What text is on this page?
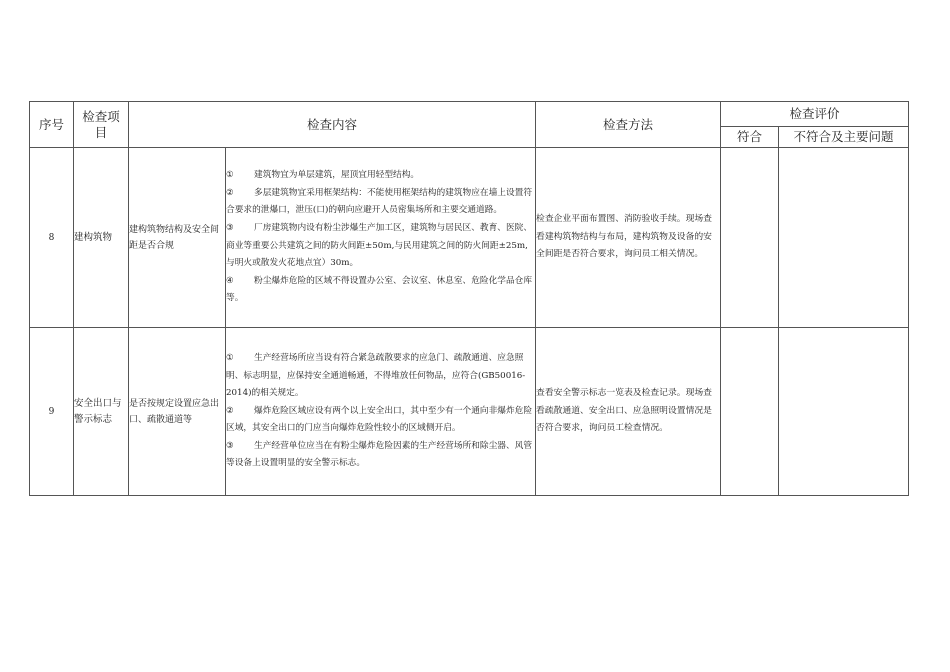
序号	检查项目	检查内容		检查方法	检查评价	
					符合	不符合及主要问题
8	建构筑物	建构筑物结构及安全间距是否合规	① 建筑物宜为单层建筑，屋顶宜用轻型结构。
② 多层建筑物宜采用框架结构：不能使用框架结构的建筑物应在墙上设置符合要求的泄爆口，泄压(口)的朝向应避开人员密集场所和主要交通道路。
③ 厂房建筑物内设有粉尘涉爆生产加工区，建筑物与居民区、教育、医院、商业等重要公共建筑之间的防火间距±50m,与民用建筑之间的防火间距±25m,与明火或散发火花地点宜）30m。
④ 粉尘爆炸危险的区域不得设置办公室、会议室、休息室、危险化学品仓库等。	检查企业平面布置图、消防验收手续。现场查看建构筑物结构与布局，建构筑物及设备的安全间距是否符合要求，询问员工相关情况。		
9	安全出口与警示标志	是否按规定设置应急出口、疏散通道等	① 生产经营场所应当设有符合紧急疏散要求的应急门、疏散通道、应急照明、标志明显，应保持安全通道畅通，不得堆放任何物品，应符合(GB50016-2014)的相关规定。
② 爆炸危险区域应设有两个以上安全出口，其中至少有一个通向非爆炸危险区域，其安全出口的门应当向爆炸危险性较小的区域侧开启。
③ 生产经营单位应当在有粉尘爆炸危险因素的生产经营场所和除尘器、风管等设备上设置明显的安全警示标志。	查看安全警示标志一览表及检查记录。现场查看疏散通道、安全出口、应急照明设置情况是否符合要求，询问员工检查情况。		
